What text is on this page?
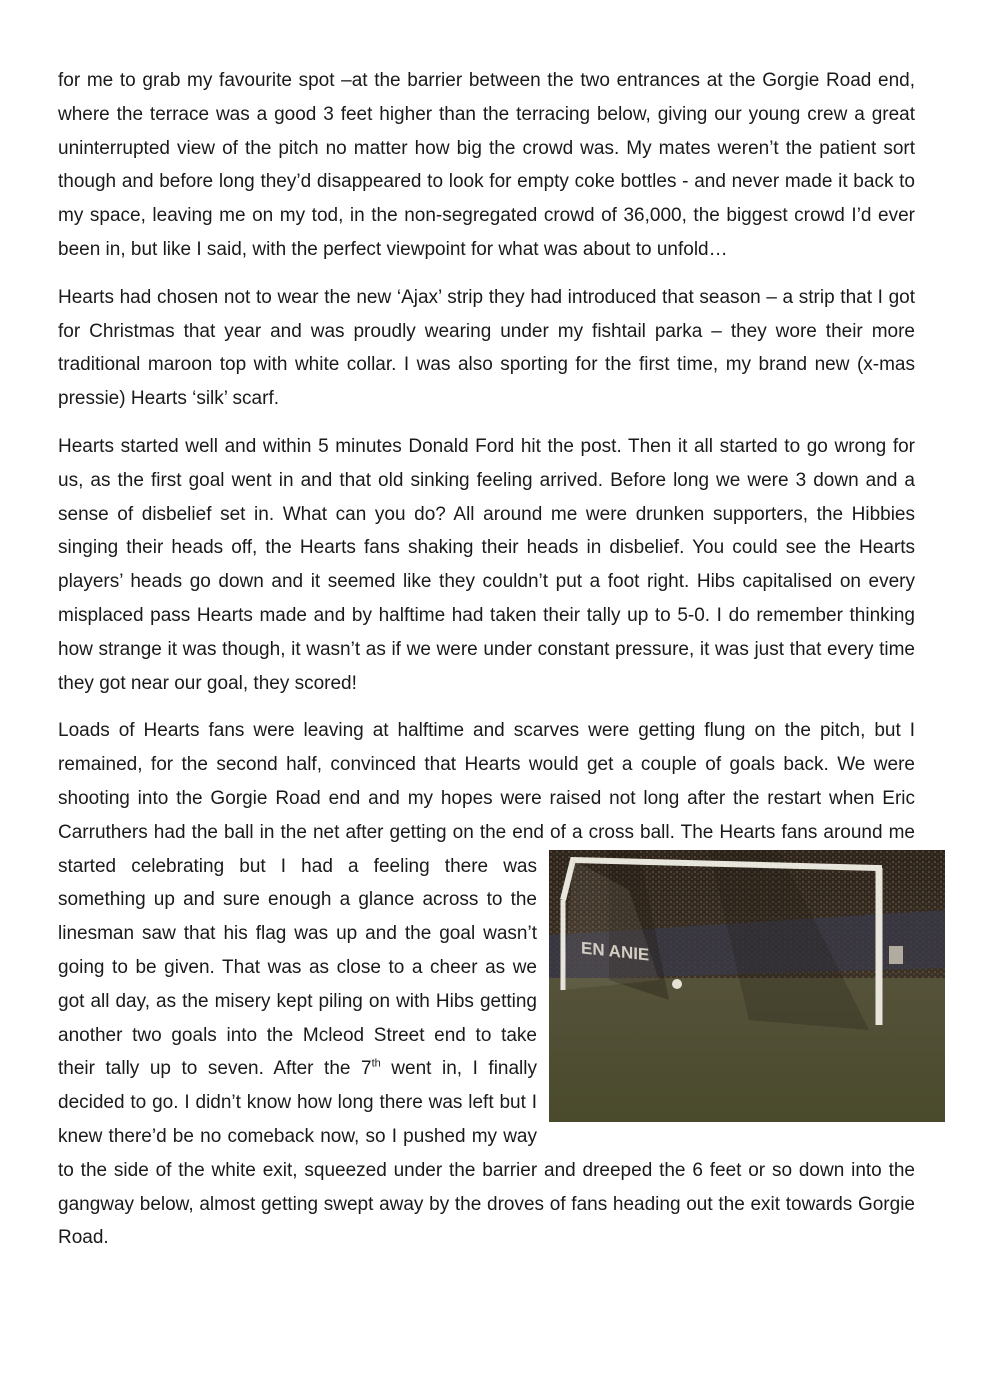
for me to grab my favourite spot –at the barrier between the two entrances at the Gorgie Road end, where the terrace was a good 3 feet higher than the terracing below, giving our young crew a great uninterrupted view of the pitch no matter how big the crowd was. My mates weren’t the patient sort though and before long they’d disappeared to look for empty coke bottles - and never made it back to my space, leaving me on my tod, in the non-segregated crowd of 36,000, the biggest crowd I’d ever been in, but like I said, with the perfect viewpoint for what was about to unfold…

Hearts had chosen not to wear the new ‘Ajax’ strip they had introduced that season – a strip that I got for Christmas that year and was proudly wearing under my fishtail parka – they wore their more traditional maroon top with white collar. I was also sporting for the first time, my brand new (x-mas pressie) Hearts ‘silk’ scarf.

Hearts started well and within 5 minutes Donald Ford hit the post. Then it all started to go wrong for us, as the first goal went in and that old sinking feeling arrived. Before long we were 3 down and a sense of disbelief set in. What can you do? All around me were drunken supporters, the Hibbies singing their heads off, the Hearts fans shaking their heads in disbelief. You could see the Hearts players’ heads go down and it seemed like they couldn’t put a foot right. Hibs capitalised on every misplaced pass Hearts made and by halftime had taken their tally up to 5-0. I do remember thinking how strange it was though, it wasn’t as if we were under constant pressure, it was just that every time they got near our goal, they scored!

Loads of Hearts fans were leaving at halftime and scarves were getting flung on the pitch, but I remained, for the second half, convinced that Hearts would get a couple of goals back. We were shooting into the Gorgie Road end and my hopes were raised not long after the restart when Eric Carruthers had the ball in the net after getting on the end of a
EN ANIE
cross ball. The Hearts fans around me started celebrating but I had a feeling there was something up and sure enough a glance across to the linesman saw that his flag was up and the goal wasn’t going to be given. That was as close to a cheer as we got all day, as the misery kept piling on with Hibs getting another two goals into the Mcleod Street end to take their tally up to seven. After the 7th went in, I finally decided to go. I didn’t know how long there was left but I knew there’d be no comeback now, so I pushed my way to the side of the white exit, squeezed under the barrier and dreeped the 6 feet or so down into the gangway below, almost getting swept away by the droves of fans heading out the exit towards Gorgie Road.
